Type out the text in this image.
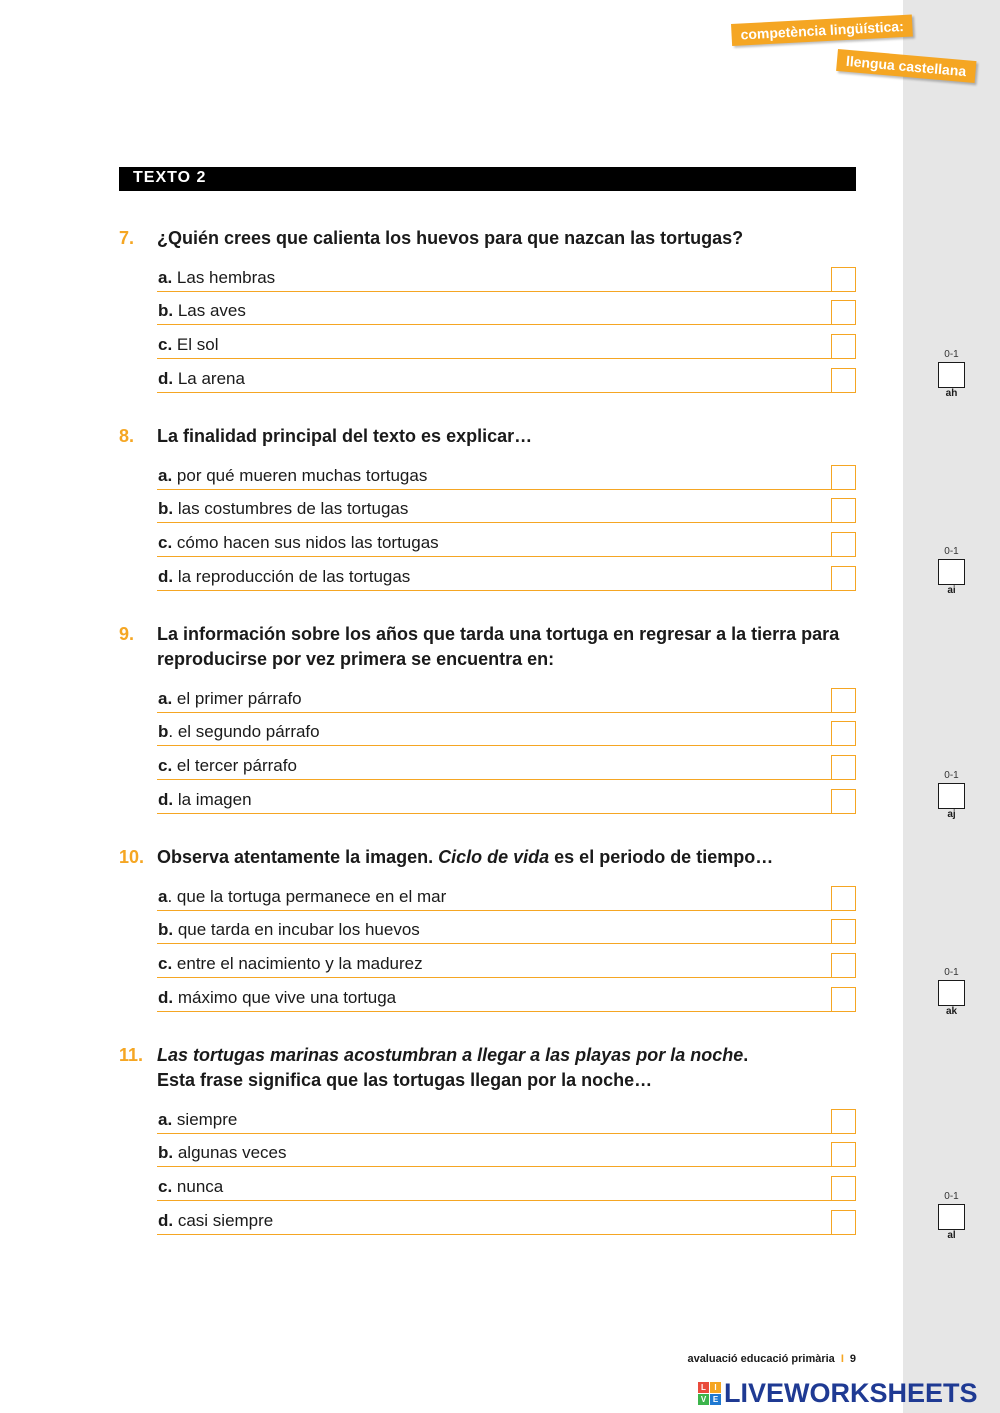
competència lingüística:
llengua castellana
TEXTO 2
7.	¿Quién crees que calienta los huevos para que nazcan las tortugas?
a. Las hembras
b. Las aves
c. El sol
d. La arena
8.	La finalidad principal del texto es explicar…
a. por qué mueren muchas tortugas
b. las costumbres de las tortugas
c. cómo hacen sus nidos las tortugas
d. la reproducción de las tortugas
9.	La información sobre los años que tarda una tortuga en regresar a la tierra para reproducirse por vez primera se encuentra en:
a. el primer párrafo
b. el segundo párrafo
c. el tercer párrafo
d. la imagen
10. Observa atentamente la imagen. Ciclo de vida es el periodo de tiempo…
a. que la tortuga permanece en el mar
b. que tarda en incubar los huevos
c. entre el nacimiento y la madurez
d. máximo que vive una tortuga
11. Las tortugas marinas acostumbran a llegar a las playas por la noche.
Esta frase significa que las tortugas llegan por la noche…
a. siempre
b. algunas veces
c. nunca
d. casi siempre
0-1
ah
0-1
ai
0-1
aj
0-1
ak
0-1
al
avaluació educació primària I 9
L	I
V E LIVEWORKSHEETS
